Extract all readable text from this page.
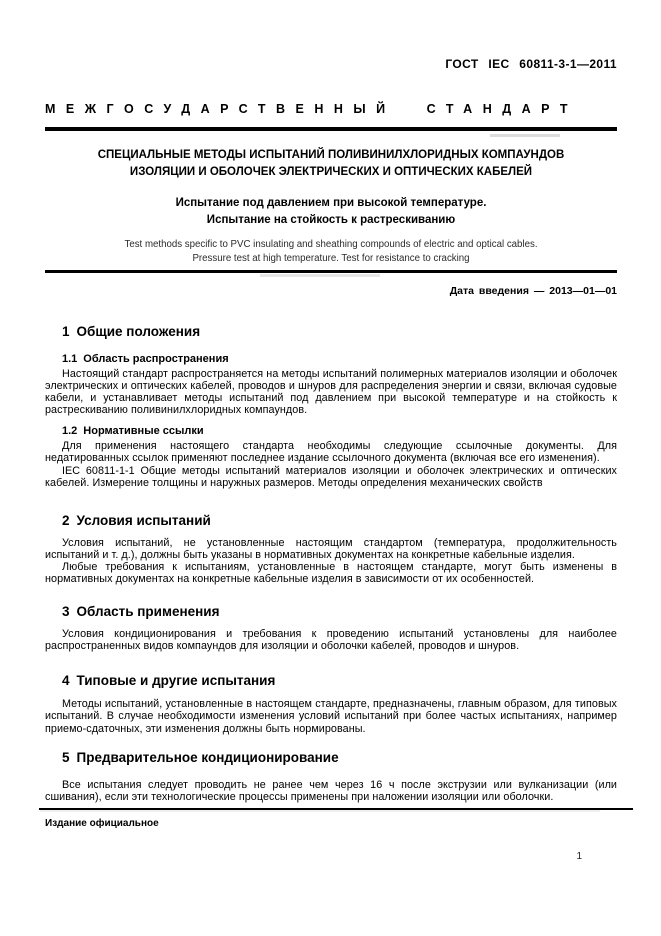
ГОСТ IEC 60811-3-1—2011
МЕЖГОСУДАРСТВЕННЫЙ СТАНДАРТ
СПЕЦИАЛЬНЫЕ МЕТОДЫ ИСПЫТАНИЙ ПОЛИВИНИЛХЛОРИДНЫХ КОМПАУНДОВ
ИЗОЛЯЦИИ И ОБОЛОЧЕК ЭЛЕКТРИЧЕСКИХ И ОПТИЧЕСКИХ КАБЕЛЕЙ
Испытание под давлением при высокой температуре.
Испытание на стойкость к растрескиванию
Test methods specific to PVC insulating and sheathing compounds of electric and optical cables.
Pressure test at high temperature. Test for resistance to cracking
Дата введения — 2013—01—01
1 Общие положения
1.1 Область распространения
Настоящий стандарт распространяется на методы испытаний полимерных материалов изоляции и оболочек электрических и оптических кабелей, проводов и шнуров для распределения энергии и связи, включая судовые кабели, и устанавливает методы испытаний под давлением при высокой температуре и на стойкость к растрескиванию поливинилхлоридных компаундов.
1.2 Нормативные ссылки
Для применения настоящего стандарта необходимы следующие ссылочные документы. Для недатированных ссылок применяют последнее издание ссылочного документа (включая все его изменения).
IEC 60811-1-1 Общие методы испытаний материалов изоляции и оболочек электрических и оптических кабелей. Измерение толщины и наружных размеров. Методы определения механических свойств
2 Условия испытаний
Условия испытаний, не установленные настоящим стандартом (температура, продолжительность испытаний и т. д.), должны быть указаны в нормативных документах на конкретные кабельные изделия.
Любые требования к испытаниям, установленные в настоящем стандарте, могут быть изменены в нормативных документах на конкретные кабельные изделия в зависимости от их особенностей.
3 Область применения
Условия кондиционирования и требования к проведению испытаний установлены для наиболее распространенных видов компаундов для изоляции и оболочки кабелей, проводов и шнуров.
4 Типовые и другие испытания
Методы испытаний, установленные в настоящем стандарте, предназначены, главным образом, для типовых испытаний. В случае необходимости изменения условий испытаний при более частых испытаниях, например приемо-сдаточных, эти изменения должны быть нормированы.
5 Предварительное кондиционирование
Все испытания следует проводить не ранее чем через 16 ч после экструзии или вулканизации (или сшивания), если эти технологические процессы применены при наложении изоляции или оболочки.
Издание официальное
1
